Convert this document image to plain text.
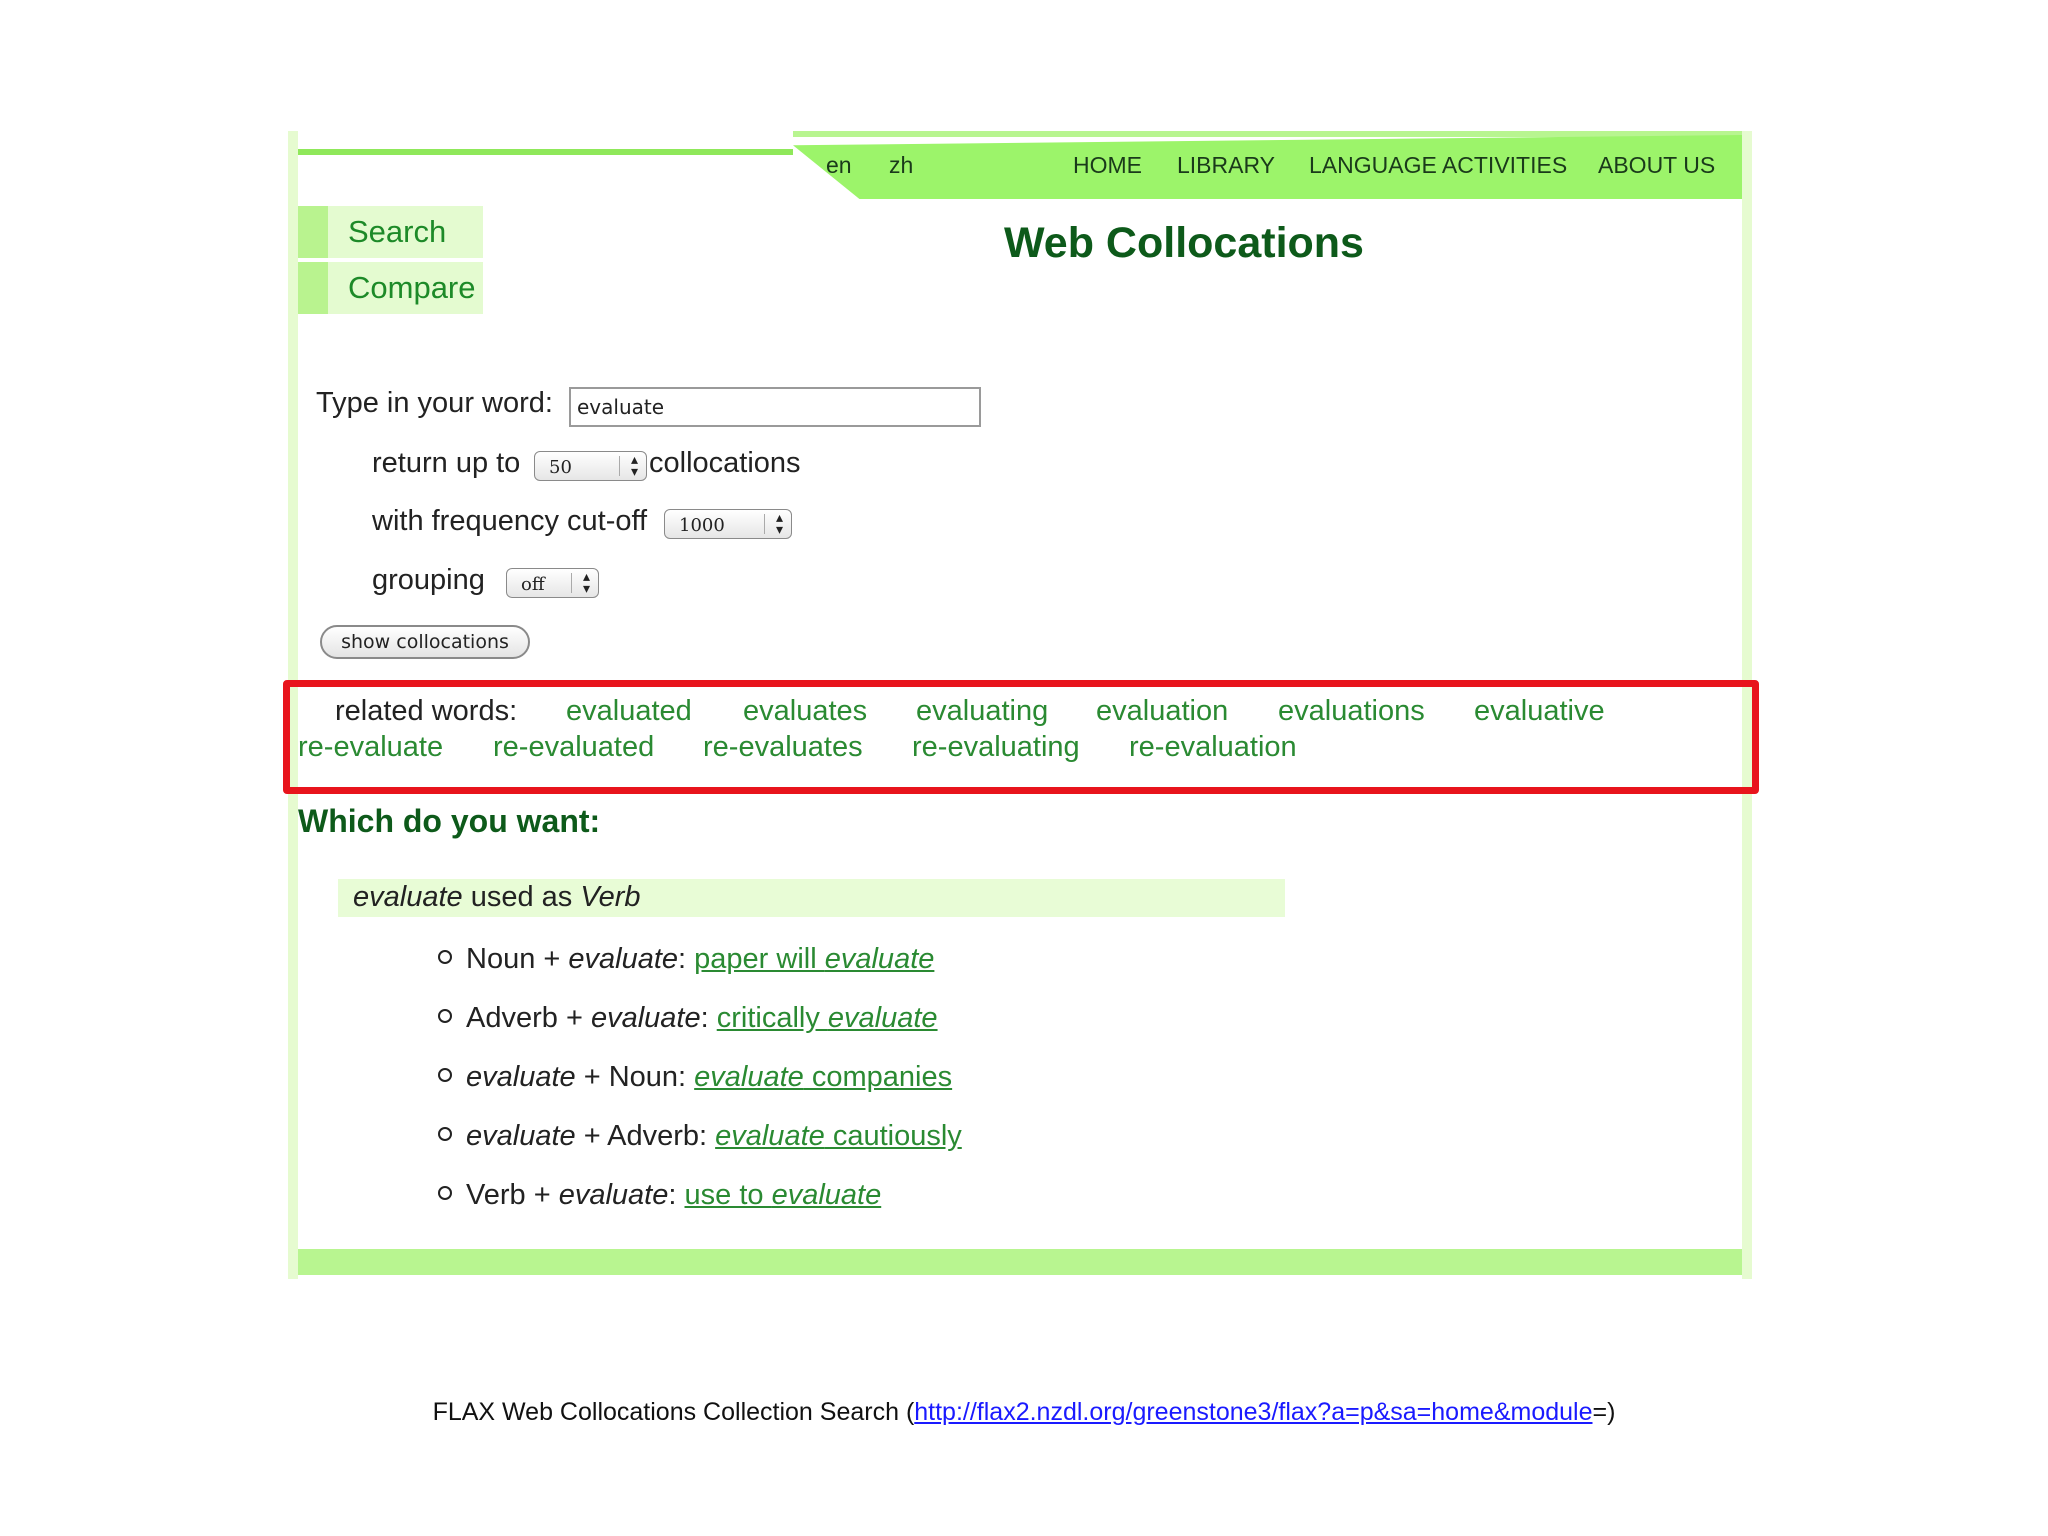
en zh	HOME LIBRARY LANGUAGE ACTIVITIES ABOUT US
Search
Compare
Web Collocations
Type in your word:
evaluate
return up to 50	▴
▾ collocations
with frequency cut-off 1000	▴
▾
grouping off	▴
▾
show collocations
related words: evaluated evaluates evaluating evaluation evaluations evaluative
re-evaluate re-evaluated re-evaluates re-evaluating re-evaluation
Which do you want:
evaluate used as Verb
Noun + evaluate: paper will evaluate
Adverb + evaluate: critically evaluate
evaluate + Noun: evaluate companies
evaluate + Adverb: evaluate cautiously
Verb + evaluate: use to evaluate
FLAX Web Collocations Collection Search (http://flax2.nzdl.org/greenstone3/flax?a=p&sa=home&module=)
